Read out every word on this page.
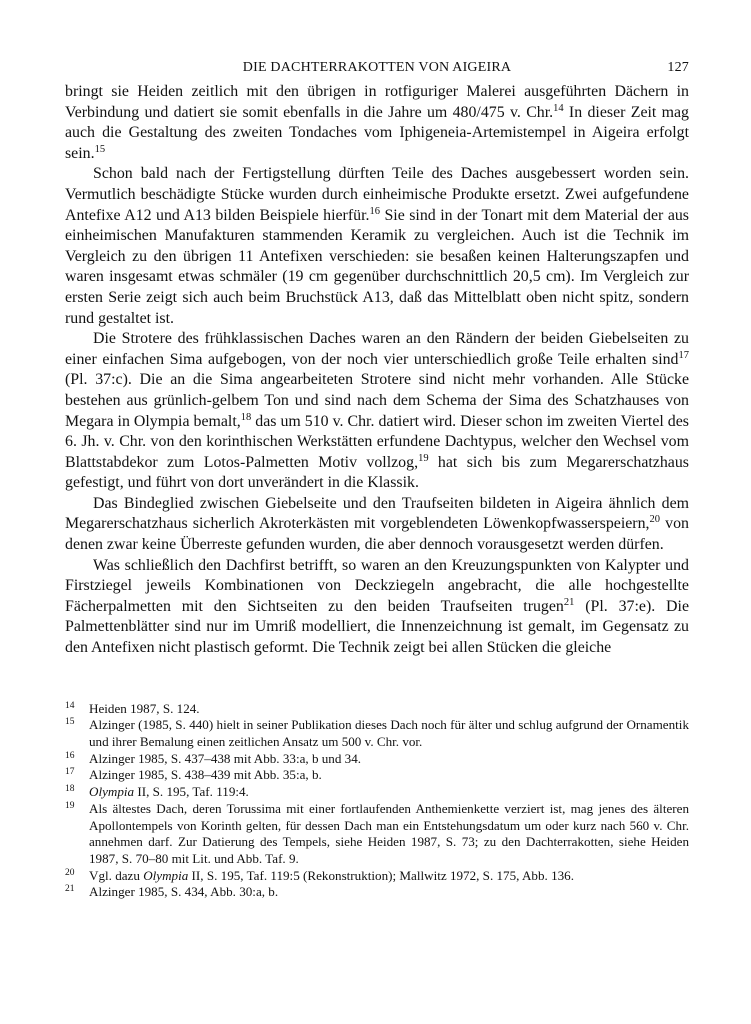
DIE DACHTERRAKOTTEN VON AIGEIRA	127

bringt sie Heiden zeitlich mit den übrigen in rotfiguriger Malerei ausgeführten Dächern in Verbindung und datiert sie somit ebenfalls in die Jahre um 480/475 v. Chr.$^{14}$ In dieser Zeit mag auch die Gestaltung des zweiten Tondaches vom Iphigeneia-Artemistempel in Aigeira erfolgt sein.$^{15}$

Schon bald nach der Fertigstellung dürften Teile des Daches ausgebessert worden sein. Vermutlich beschädigte Stücke wurden durch einheimische Produkte ersetzt. Zwei aufgefundene Antefixe A12 und A13 bilden Beispiele hierfür.$^{16}$ Sie sind in der Tonart mit dem Material der aus einheimischen Manufakturen stammenden Keramik zu vergleichen. Auch ist die Technik im Vergleich zu den übrigen 11 Antefixen verschieden: sie besaßen keinen Halterungszapfen und waren insgesamt etwas schmäler (19 cm gegenüber durchschnittlich 20,5 cm). Im Vergleich zur ersten Serie zeigt sich auch beim Bruchstück A13, daß das Mittelblatt oben nicht spitz, sondern rund gestaltet ist.

Die Strotere des frühklassischen Daches waren an den Rändern der beiden Giebelseiten zu einer einfachen Sima aufgebogen, von der noch vier unterschiedlich große Teile erhalten sind$^{17}$ (Pl. 37:c). Die an die Sima angearbeiteten Strotere sind nicht mehr vorhanden. Alle Stücke bestehen aus grünlich-gelbem Ton und sind nach dem Schema der Sima des Schatzhauses von Megara in Olympia bemalt,$^{18}$ das um 510 v. Chr. datiert wird. Dieser schon im zweiten Viertel des 6. Jh. v. Chr. von den korinthischen Werkstätten erfundene Dachtypus, welcher den Wechsel vom Blattstabdekor zum Lotos-Palmetten Motiv vollzog,$^{19}$ hat sich bis zum Megarerschatzhaus gefestigt, und führt von dort unverändert in die Klassik.

Das Bindeglied zwischen Giebelseite und den Traufseiten bildeten in Aigeira ähnlich dem Megarerschatzhaus sicherlich Akroterkästen mit vorgeblendeten Löwenkopfwasserspeiern,$^{20}$ von denen zwar keine Überreste gefunden wurden, die aber dennoch vorausgesetzt werden dürfen.

Was schließlich den Dachfirst betrifft, so waren an den Kreuzungspunkten von Kalypter und Firstziegel jeweils Kombinationen von Deckziegeln angebracht, die alle hochgestellte Fächerpalmetten mit den Sichtseiten zu den beiden Traufseiten trugen$^{21}$ (Pl. 37:e). Die Palmettenblätter sind nur im Umriß modelliert, die Innenzeichnung ist gemalt, im Gegensatz zu den Antefixen nicht plastisch geformt. Die Technik zeigt bei allen Stücken die gleiche

14	Heiden 1987, S. 124.
15	Alzinger (1985, S. 440) hielt in seiner Publikation dieses Dach noch für älter und schlug aufgrund der Ornamentik und ihrer Bemalung einen zeitlichen Ansatz um 500 v. Chr. vor.
16	Alzinger 1985, S. 437–438 mit Abb. 33:a, b und 34.
17	Alzinger 1985, S. 438–439 mit Abb. 35:a, b.
18	Olympia II, S. 195, Taf. 119:4.
19	Als ältestes Dach, deren Torussima mit einer fortlaufenden Anthemienkette verziert ist, mag jenes des älteren Apollontempels von Korinth gelten, für dessen Dach man ein Entstehungsdatum um oder kurz nach 560 v. Chr. annehmen darf. Zur Datierung des Tempels, siehe Heiden 1987, S. 73; zu den Dachterrakotten, siehe Heiden 1987, S. 70–80 mit Lit. und Abb. Taf. 9.
20	Vgl. dazu Olympia II, S. 195, Taf. 119:5 (Rekonstruktion); Mallwitz 1972, S. 175, Abb. 136.
21	Alzinger 1985, S. 434, Abb. 30:a, b.
